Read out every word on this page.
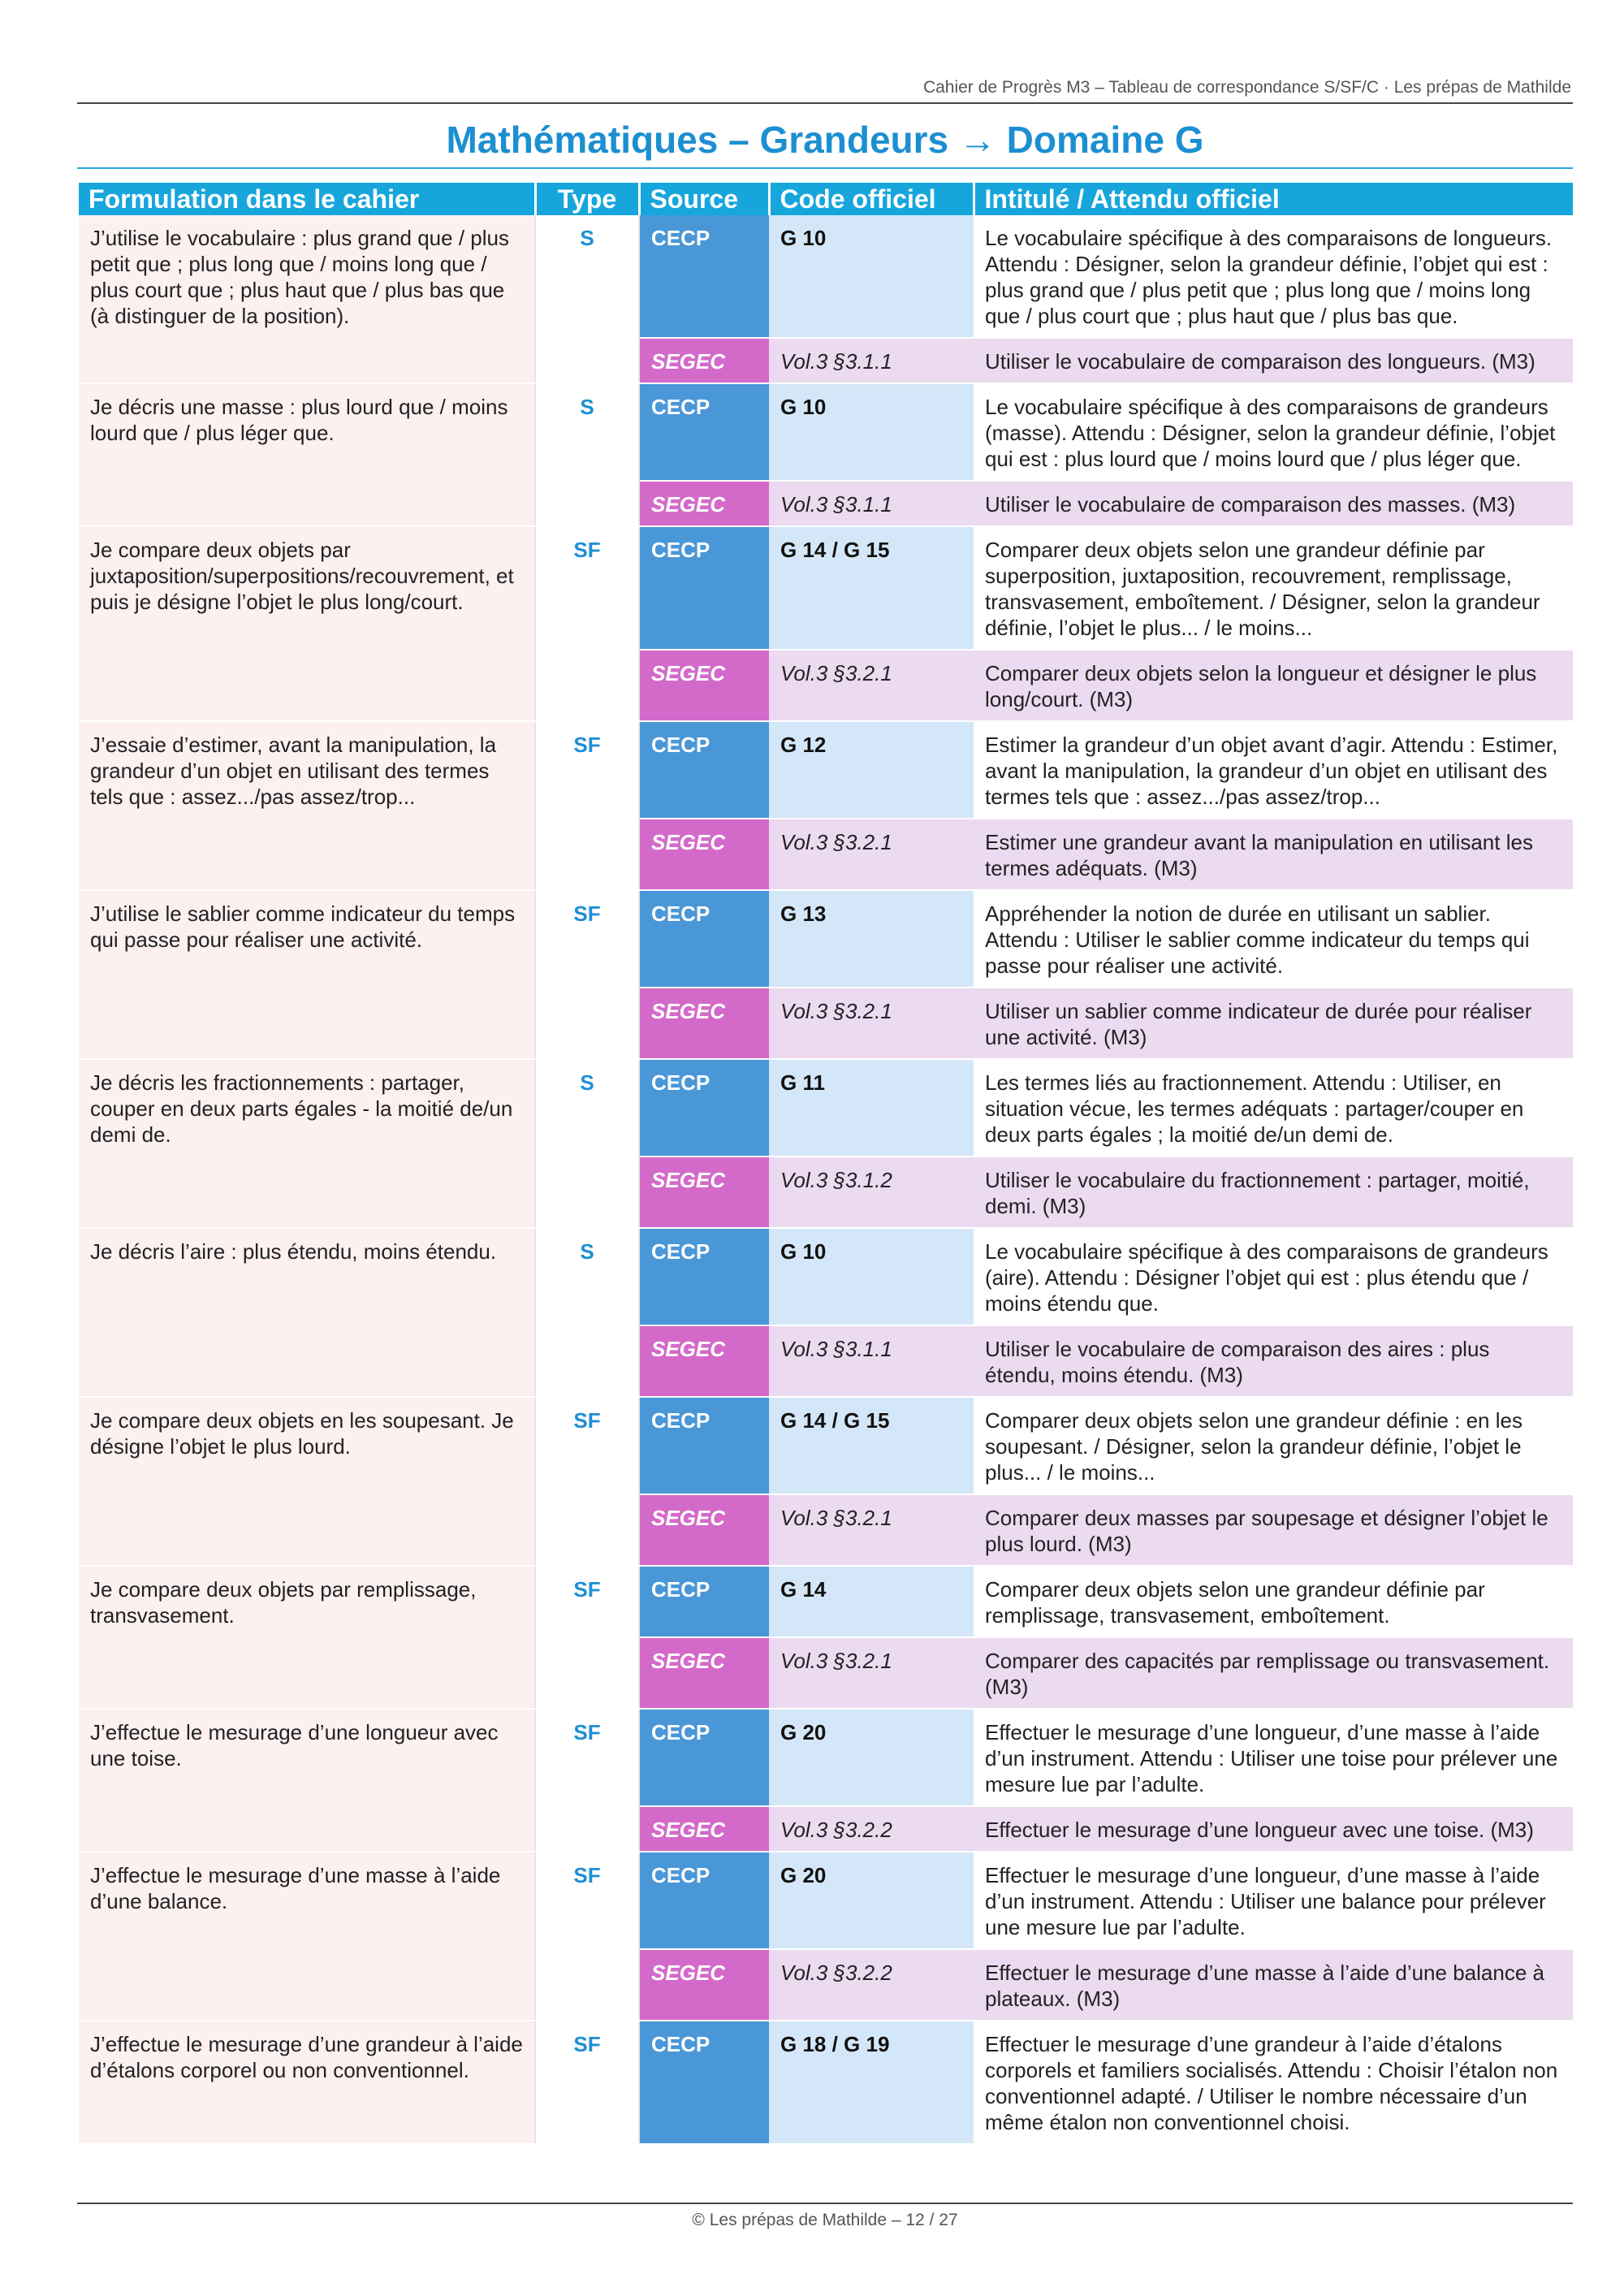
Cahier de Progrès M3 – Tableau de correspondance S/SF/C · Les prépas de Mathilde
Mathématiques – Grandeurs → Domaine G
Formulation dans le cahier	Type	Source	Code officiel	Intitulé / Attendu officiel
J’utilise le vocabulaire : plus grand que / plus petit que ; plus long que / moins long que / plus court que ; plus haut que / plus bas que (à distinguer de la position).	S	CECP	G 10	Le vocabulaire spécifique à des comparaisons de longueurs. Attendu : Désigner, selon la grandeur définie, l’objet qui est : plus grand que / plus petit que ; plus long que / moins long que / plus court que ; plus haut que / plus bas que.
		SEGEC	Vol.3 §3.1.1	Utiliser le vocabulaire de comparaison des longueurs. (M3)
Je décris une masse : plus lourd que / moins lourd que / plus léger que.	S	CECP	G 10	Le vocabulaire spécifique à des comparaisons de grandeurs (masse). Attendu : Désigner, selon la grandeur définie, l’objet qui est : plus lourd que / moins lourd que / plus léger que.
		SEGEC	Vol.3 §3.1.1	Utiliser le vocabulaire de comparaison des masses. (M3)
Je compare deux objets par juxtaposition/superpositions/recouvrement, et puis je désigne l’objet le plus long/court.	SF	CECP	G 14 / G 15	Comparer deux objets selon une grandeur définie par superposition, juxtaposition, recouvrement, remplissage, transvasement, emboîtement. / Désigner, selon la grandeur définie, l’objet le plus... / le moins...
		SEGEC	Vol.3 §3.2.1	Comparer deux objets selon la longueur et désigner le plus long/court. (M3)
J’essaie d’estimer, avant la manipulation, la grandeur d’un objet en utilisant des termes tels que : assez.../pas assez/trop...	SF	CECP	G 12	Estimer la grandeur d’un objet avant d’agir. Attendu : Estimer, avant la manipulation, la grandeur d’un objet en utilisant des termes tels que : assez.../pas assez/trop...
		SEGEC	Vol.3 §3.2.1	Estimer une grandeur avant la manipulation en utilisant les termes adéquats. (M3)
J’utilise le sablier comme indicateur du temps qui passe pour réaliser une activité.	SF	CECP	G 13	Appréhender la notion de durée en utilisant un sablier. Attendu : Utiliser le sablier comme indicateur du temps qui passe pour réaliser une activité.
		SEGEC	Vol.3 §3.2.1	Utiliser un sablier comme indicateur de durée pour réaliser une activité. (M3)
Je décris les fractionnements : partager, couper en deux parts égales - la moitié de/un demi de.	S	CECP	G 11	Les termes liés au fractionnement. Attendu : Utiliser, en situation vécue, les termes adéquats : partager/couper en deux parts égales ; la moitié de/un demi de.
		SEGEC	Vol.3 §3.1.2	Utiliser le vocabulaire du fractionnement : partager, moitié, demi. (M3)
Je décris l’aire : plus étendu, moins étendu.	S	CECP	G 10	Le vocabulaire spécifique à des comparaisons de grandeurs (aire). Attendu : Désigner l’objet qui est : plus étendu que / moins étendu que.
		SEGEC	Vol.3 §3.1.1	Utiliser le vocabulaire de comparaison des aires : plus étendu, moins étendu. (M3)
Je compare deux objets en les soupesant. Je désigne l’objet le plus lourd.	SF	CECP	G 14 / G 15	Comparer deux objets selon une grandeur définie : en les soupesant. / Désigner, selon la grandeur définie, l’objet le plus... / le moins...
		SEGEC	Vol.3 §3.2.1	Comparer deux masses par soupesage et désigner l’objet le plus lourd. (M3)
Je compare deux objets par remplissage, transvasement.	SF	CECP	G 14	Comparer deux objets selon une grandeur définie par remplissage, transvasement, emboîtement.
		SEGEC	Vol.3 §3.2.1	Comparer des capacités par remplissage ou transvasement. (M3)
J’effectue le mesurage d’une longueur avec une toise.	SF	CECP	G 20	Effectuer le mesurage d’une longueur, d’une masse à l’aide d’un instrument. Attendu : Utiliser une toise pour prélever une mesure lue par l’adulte.
		SEGEC	Vol.3 §3.2.2	Effectuer le mesurage d’une longueur avec une toise. (M3)
J’effectue le mesurage d’une masse à l’aide d’une balance.	SF	CECP	G 20	Effectuer le mesurage d’une longueur, d’une masse à l’aide d’un instrument. Attendu : Utiliser une balance pour prélever une mesure lue par l’adulte.
		SEGEC	Vol.3 §3.2.2	Effectuer le mesurage d’une masse à l’aide d’une balance à plateaux. (M3)
J’effectue le mesurage d’une grandeur à l’aide d’étalons corporel ou non conventionnel.	SF	CECP	G 18 / G 19	Effectuer le mesurage d’une grandeur à l’aide d’étalons corporels et familiers socialisés. Attendu : Choisir l’étalon non conventionnel adapté. / Utiliser le nombre nécessaire d’un même étalon non conventionnel choisi.
© Les prépas de Mathilde – 12 / 27
